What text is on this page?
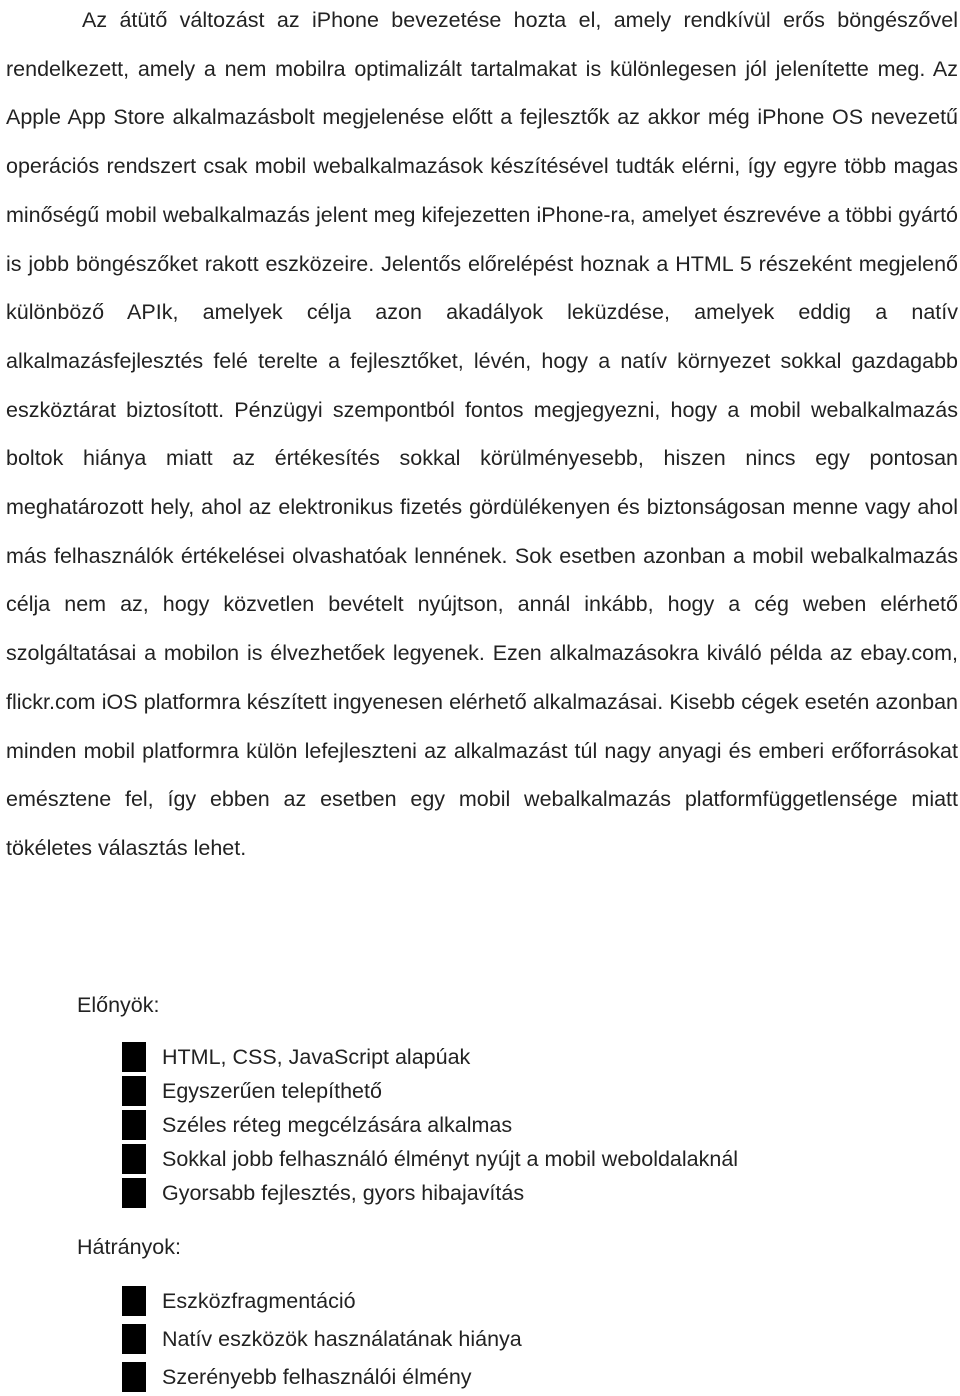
Az átütő változást az iPhone bevezetése hozta el, amely rendkívül erős böngészővel rendelkezett, amely a nem mobilra optimalizált tartalmakat is különlegesen jól jelenítette meg. Az Apple App Store alkalmazásbolt megjelenése előtt a fejlesztők az akkor még iPhone OS nevezetű operációs rendszert csak mobil webalkalmazások készítésével tudták elérni, így egyre több magas minőségű mobil webalkalmazás jelent meg kifejezetten iPhone-ra, amelyet észrevéve a többi gyártó is jobb böngészőket rakott eszközeire. Jelentős előrelépést hoznak a HTML 5 részeként megjelenő különböző APIk, amelyek célja azon akadályok leküzdése, amelyek eddig a natív alkalmazásfejlesztés felé terelte a fejlesztőket, lévén, hogy a natív környezet sokkal gazdagabb eszköztárat biztosított. Pénzügyi szempontból fontos megjegyezni, hogy a mobil webalkalmazás boltok hiánya miatt az értékesítés sokkal körülményesebb, hiszen nincs egy pontosan meghatározott hely, ahol az elektronikus fizetés gördülékenyen és biztonságosan menne vagy ahol más felhasználók értékelései olvashatóak lennének. Sok esetben azonban a mobil webalkalmazás célja nem az, hogy közvetlen bevételt nyújtson, annál inkább, hogy a cég weben elérhető szolgáltatásai a mobilon is élvezhetőek legyenek. Ezen alkalmazásokra kiváló példa az ebay.com, flickr.com iOS platformra készített ingyenesen elérhető alkalmazásai. Kisebb cégek esetén azonban minden mobil platformra külön lefejleszteni az alkalmazást túl nagy anyagi és emberi erőforrásokat emésztene fel, így ebben az esetben egy mobil webalkalmazás platformfüggetlensége miatt tökéletes választás lehet.

Előnyök:

HTML, CSS, JavaScript alapúak
Egyszerűen telepíthető
Széles réteg megcélzására alkalmas
Sokkal jobb felhasználó élményt nyújt a mobil weboldalaknál
Gyorsabb fejlesztés, gyors hibajavítás

Hátrányok:

Eszközfragmentáció
Natív eszközök használatának hiánya
Szerényebb felhasználói élmény
